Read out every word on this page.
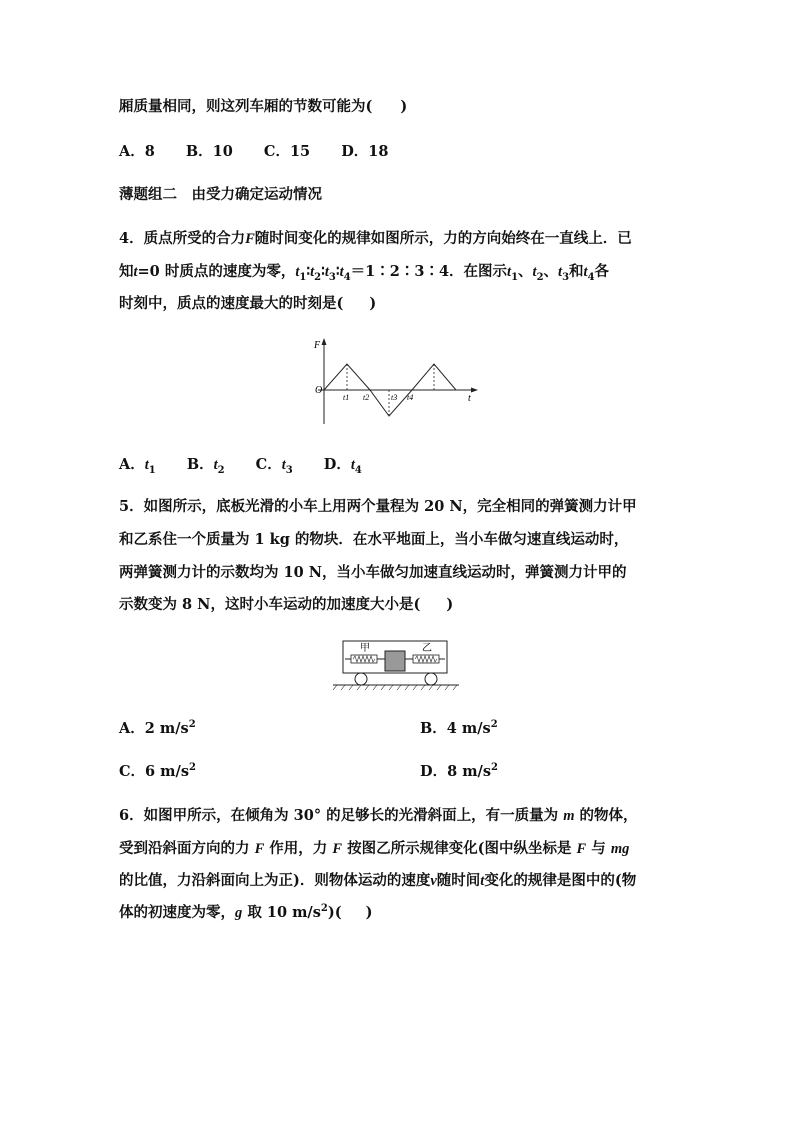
厢质量相同，则这列车厢的节数可能为( )
A．8 B．10 C．15 D．18
薄题组二　由受力确定运动情况
4．质点所受的合力F随时间变化的规律如图所示，力的方向始终在一直线上．已
知t=0 时质点的速度为零，$t_1∶t_2∶t_3∶t_4=1∶2∶3∶4$．在图示$t_1$、$t_2$、$t_3$和$t_4$各
时刻中，质点的速度最大的时刻是( )
F
O
t
t1 t2	t3 t4
A．$t_1$ B．$t_2$ C．$t_3$ D．$t_4$
5．如图所示，底板光滑的小车上用两个量程为 20 N，完全相同的弹簧测力计甲
和乙系住一个质量为 1 kg 的物块．在水平地面上，当小车做匀速直线运动时，
两弹簧测力计的示数均为 10 N，当小车做匀加速直线运动时，弹簧测力计甲的
示数变为 8 N，这时小车运动的加速度大小是( )
甲	乙
A．2 $m/s^2$	B．4 $m/s^2$
C．6 $m/s^2$	D．8 $m/s^2$
6．如图甲所示，在倾角为 30° 的足够长的光滑斜面上，有一质量为 m 的物体，
受到沿斜面方向的力 F 作用，力 F 按图乙所示规律变化(图中纵坐标是 F 与 mg
的比值，力沿斜面向上为正)．则物体运动的速度v随时间t变化的规律是图中的(物
体的初速度为零，g 取 10 $m/s^2$)( )
